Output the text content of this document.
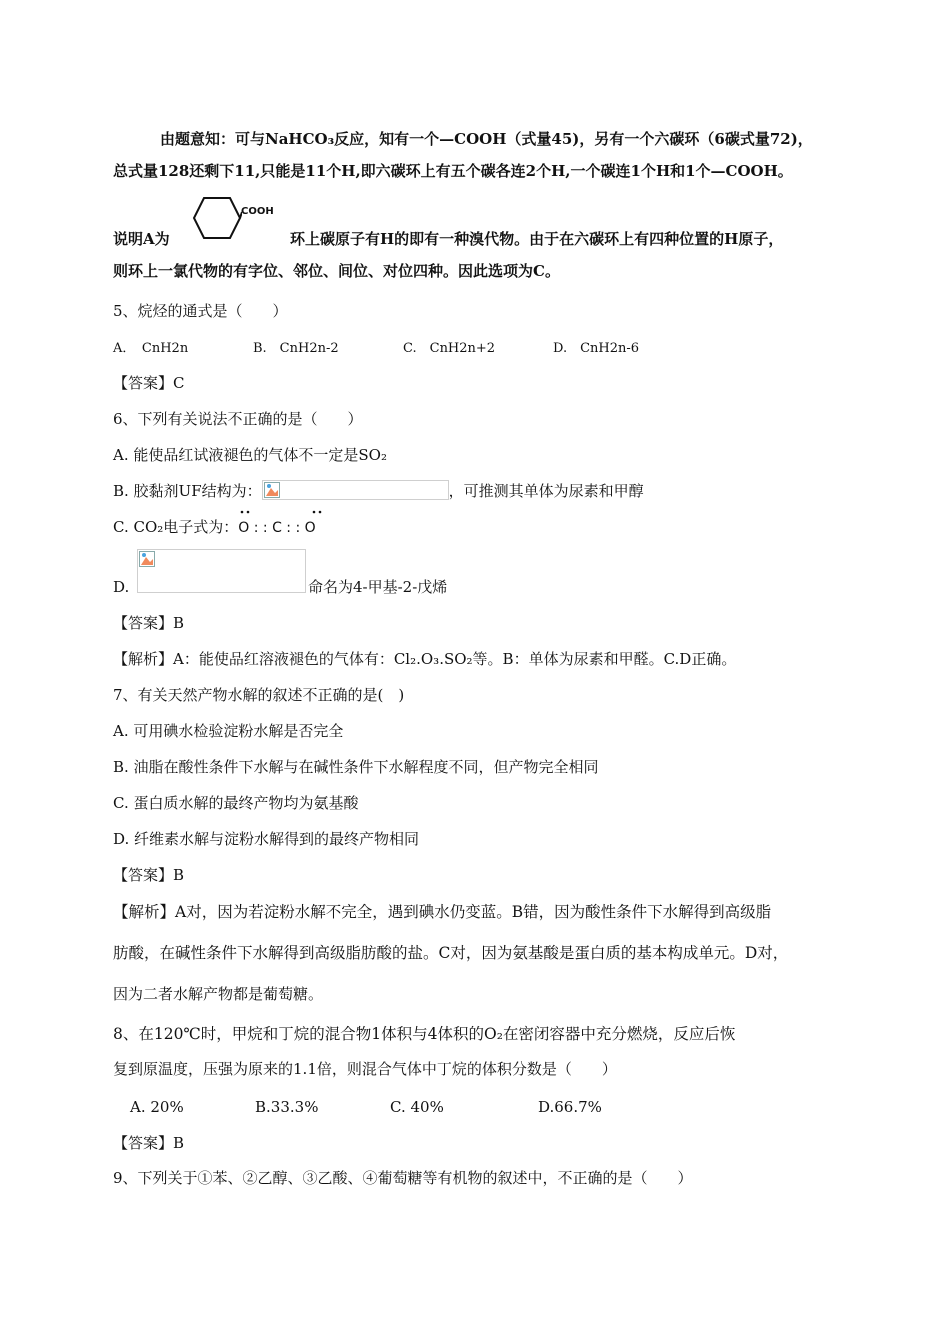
由题意知：可与NaHCO₃反应，知有一个—COOH（式量45)，另有一个六碳环（6碳式量72)，
总式量128还剩下11,只能是11个H,即六碳环上有五个碳各连2个H,一个碳连1个H和1个—COOH。
COOH
说明A为	环上碳原子有H的即有一种溴代物。由于在六碳环上有四种位置的H原子，
则环上一氯代物的有字位、邻位、间位、对位四种。因此选项为C。
5、烷烃的通式是（　　）
A．　CnH2n	B.　CnH2n-2	C.　CnH2n+2	D.　CnH2n-6
【答案】C
6、下列有关说法不正确的是（　　）
A. 能使品红试液褪色的气体不一定是SO₂
B. 胶黏剂UF结构为：	，可推测其单体为尿素和甲醇
C. CO₂电子式为：O : : C : : O
D.	命名为4-甲基-2-戊烯
【答案】B
【解析】A：能使品红溶液褪色的气体有：Cl₂.O₃.SO₂等。B：单体为尿素和甲醛。C.D正确。
7、有关天然产物水解的叙述不正确的是(　)
A. 可用碘水检验淀粉水解是否完全
B. 油脂在酸性条件下水解与在碱性条件下水解程度不同，但产物完全相同
C. 蛋白质水解的最终产物均为氨基酸
D. 纤维素水解与淀粉水解得到的最终产物相同
【答案】B
【解析】A对，因为若淀粉水解不完全，遇到碘水仍变蓝。B错，因为酸性条件下水解得到高级脂
肪酸，在碱性条件下水解得到高级脂肪酸的盐。C对，因为氨基酸是蛋白质的基本构成单元。D对，
因为二者水解产物都是葡萄糖。
8、在120℃时，甲烷和丁烷的混合物1体积与4体积的O₂在密闭容器中充分燃烧，反应后恢
复到原温度，压强为原来的1.1倍，则混合气体中丁烷的体积分数是（　　）
A. 20%	B.33.3%	C. 40%	D.66.7%
【答案】B
9、下列关于①苯、②乙醇、③乙酸、④葡萄糖等有机物的叙述中，不正确的是（　　）
